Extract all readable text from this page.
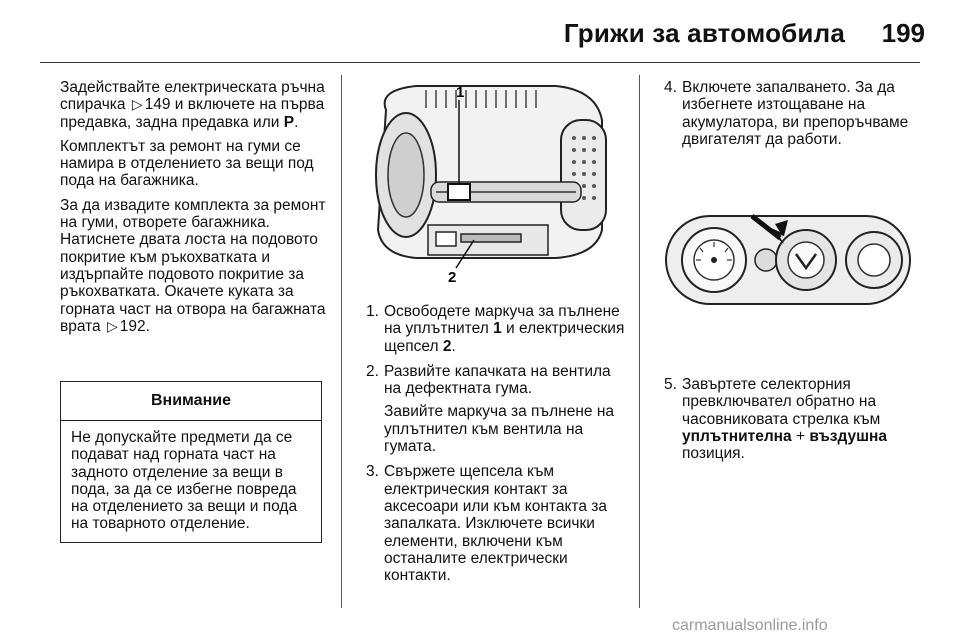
Грижи за автомобила	199

Задействайте електрическата ръчна спирачка ▷ 149 и включете на първа предавка, задна предавка или P.

Комплектът за ремонт на гуми се намира в отделението за вещи под пода на багажника.

За да извадите комплекта за ремонт на гуми, отворете багажника. Натиснете двата лоста на подовото покритие към ръкохватката и издърпайте подовото покритие за ръкохватката. Окачете куката за горната част на отвора на багажната врата ▷ 192.

Внимание
Не допускайте предмети да се подават над горната част на задното отделение за вещи в пода, за да се избегне повреда на отделението за вещи и пода на товарното отделение.
1
2
1. Освободете маркуча за пълнене на уплътнител 1 и електрическия щепсел 2.
2. Развийте капачката на вентила на дефектната гума.

Завийте маркуча за пълнене на уплътнител към вентила на гумата.

3. Свържете щепсела към електрическия контакт за аксесоари или към контакта за запалката. Изключете всички елементи, включени към останалите електрически контакти.
4. Включете запалването. За да избегнете изтощаване на акумулатора, ви препоръчваме двигателят да работи.
5. Завъртете селекторния превключвател обратно на часовниковата стрелка към уплътнителна + въздушна позиция.
carmanualsonline.info
